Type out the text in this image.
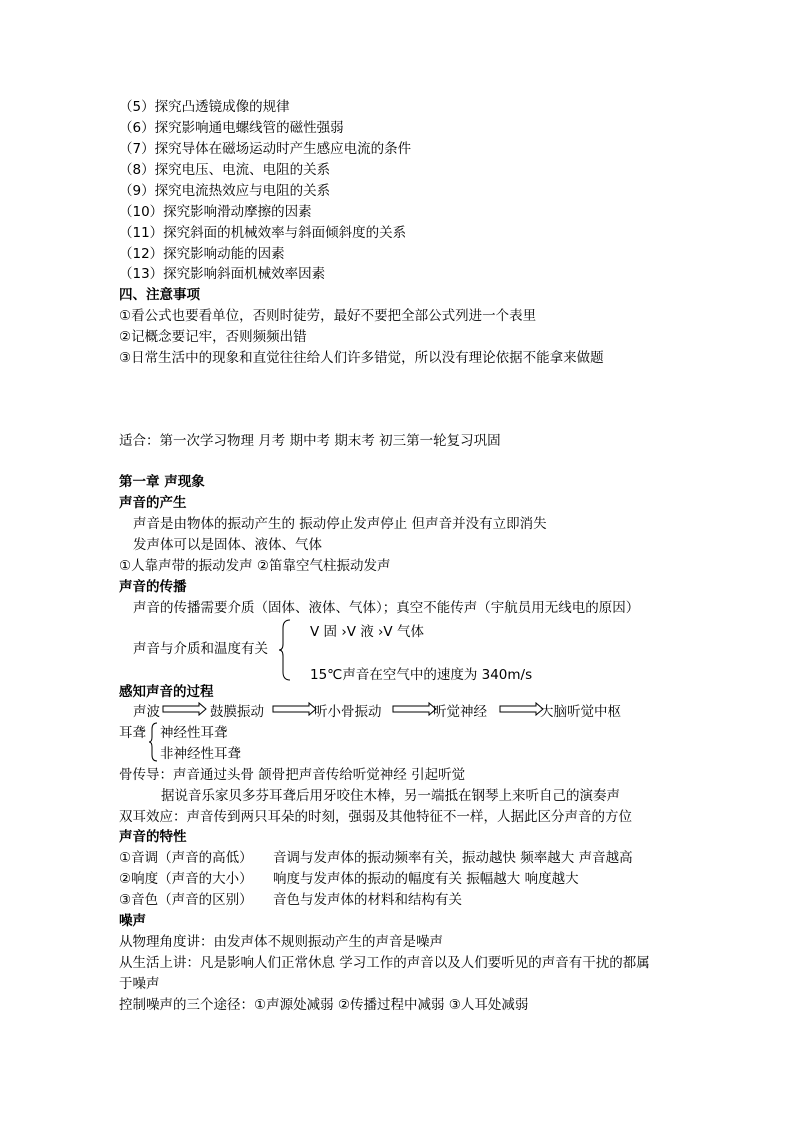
（5）探究凸透镜成像的规律
（6）探究影响通电螺线管的磁性强弱
（7）探究导体在磁场运动时产生感应电流的条件
（8）探究电压、电流、电阻的关系
（9）探究电流热效应与电阻的关系
（10）探究影响滑动摩擦的因素
（11）探究斜面的机械效率与斜面倾斜度的关系
（12）探究影响动能的因素
（13）探究影响斜面机械效率因素
四、注意事项
①看公式也要看单位，否则时徒劳，最好不要把全部公式列进一个表里
②记概念要记牢，否则频频出错
③日常生活中的现象和直觉往往给人们许多错觉，所以没有理论依据不能拿来做题
适合：第一次学习物理 月考 期中考 期末考 初三第一轮复习巩固
第一章 声现象
声音的产生
声音是由物体的振动产生的 振动停止发声停止 但声音并没有立即消失
发声体可以是固体、液体、气体
①人靠声带的振动发声 ②笛靠空气柱振动发声
声音的传播
声音的传播需要介质（固体、液体、气体）；真空不能传声（宇航员用无线电的原因）
声音与介质和温度有关
V 固 ›V 液 ›V 气体
15℃声音在空气中的速度为 340m/s
感知声音的过程
声波	鼓膜振动	听小骨振动	听觉神经	大脑听觉中枢
耳聋 神经性耳聋
非神经性耳聋
骨传导：声音通过头骨 颌骨把声音传给听觉神经 引起听觉
据说音乐家贝多芬耳聋后用牙咬住木棒，另一端抵在钢琴上来听自己的演奏声
双耳效应：声音传到两只耳朵的时刻，强弱及其他特征不一样，人据此区分声音的方位
声音的特性
①音调（声音的高低） 音调与发声体的振动频率有关，振动越快 频率越大 声音越高
②响度（声音的大小） 响度与发声体的振动的幅度有关 振幅越大 响度越大
③音色（声音的区别） 音色与发声体的材料和结构有关
噪声
从物理角度讲：由发声体不规则振动产生的声音是噪声
从生活上讲：凡是影响人们正常休息 学习工作的声音以及人们要听见的声音有干扰的都属
于噪声
控制噪声的三个途径：①声源处减弱 ②传播过程中减弱 ③人耳处减弱
